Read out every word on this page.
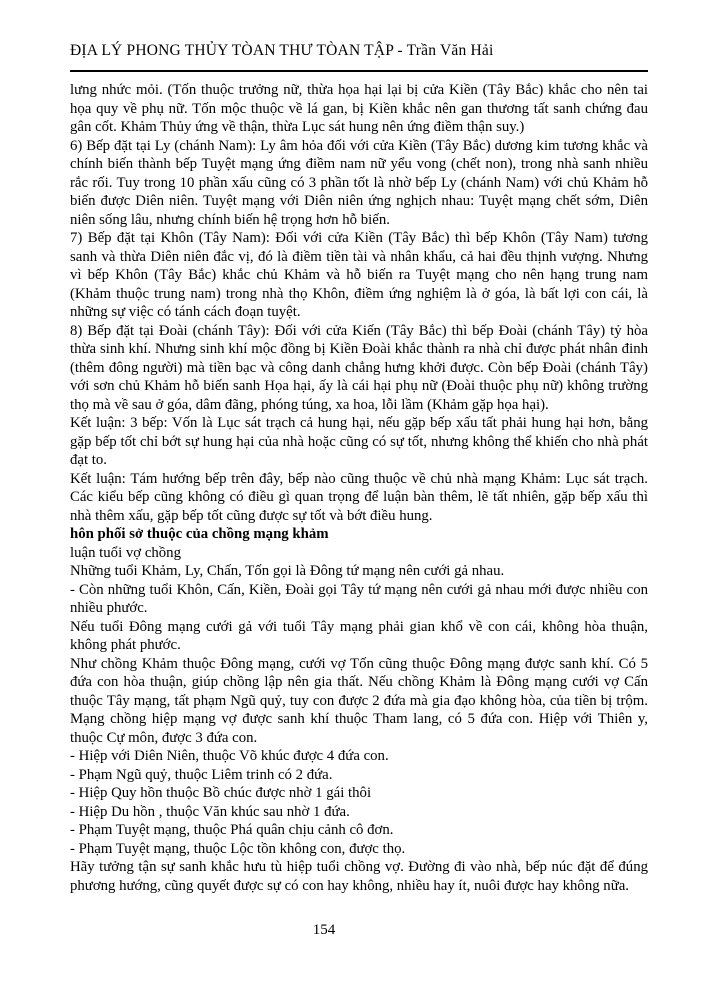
ĐỊA LÝ PHONG THỦY TÒAN THƯ TÒAN TẬP - Trần Văn Hải

lưng nhức mỏi. (Tốn thuộc trưởng nữ, thừa họa hại lại bị cửa Kiền (Tây Bắc) khắc cho nên tai họa quy về phụ nữ. Tốn mộc thuộc về lá gan, bị Kiền khắc nên gan thương tất sanh chứng đau gân cốt. Khảm Thủy ứng về thận, thừa Lục sát hung nên ứng điềm thận suy.)

6) Bếp đặt tại Ly (chánh Nam): Ly âm hỏa đối với cửa Kiền (Tây Bắc) dương kim tương khắc và chính biến thành bếp Tuyệt mạng ứng điềm nam nữ yểu vong (chết non), trong nhà sanh nhiều rắc rối. Tuy trong 10 phần xấu cũng có 3 phần tốt là nhờ bếp Ly (chánh Nam) với chủ Khảm hỗ biến được Diên niên. Tuyệt mạng với Diên niên ứng nghịch nhau: Tuyệt mạng chết sớm, Diên niên sống lâu, nhưng chính biến hệ trọng hơn hỗ biến.

7) Bếp đặt tại Khôn (Tây Nam): Đối với cửa Kiền (Tây Bắc) thì bếp Khôn (Tây Nam) tương sanh và thừa Diên niên đắc vị, đó là điềm tiền tài và nhân khẩu, cả hai đều thịnh vượng. Nhưng vì bếp Khôn (Tây Bắc) khắc chủ Khảm và hỗ biến ra Tuyệt mạng cho nên hạng trung nam (Khảm thuộc trung nam) trong nhà thọ Khôn, điềm ứng nghiệm là ở góa, là bất lợi con cái, là những sự việc có tánh cách đoạn tuyệt.

8) Bếp đặt tại Đoài (chánh Tây): Đối với cửa Kiến (Tây Bắc) thì bếp Đoài (chánh Tây) tỷ hòa thừa sinh khí. Nhưng sinh khí mộc đồng bị Kiền Đoài khắc thành ra nhà chỉ được phát nhân đinh (thêm đông người) mà tiền bạc và công danh chẳng hưng khởi được. Còn bếp Đoài (chánh Tây) với sơn chủ Khảm hỗ biến sanh Họa hại, ấy là cái hại phụ nữ (Đoài thuộc phụ nữ) không trường thọ mà về sau ở góa, dâm đãng, phóng túng, xa hoa, lỗi lầm (Khảm gặp họa hại).

Kết luận: 3 bếp: Vốn là Lục sát trạch cả hung hại, nếu gặp bếp xấu tất phải hung hại hơn, bằng gặp bếp tốt chỉ bớt sự hung hại của nhà hoặc cũng có sự tốt, nhưng không thể khiến cho nhà phát đạt to.

Kết luận: Tám hướng bếp trên đây, bếp nào cũng thuộc về chủ nhà mạng Khảm: Lục sát trạch. Các kiểu bếp cũng không có điều gì quan trọng để luận bàn thêm, lẽ tất nhiên, gặp bếp xấu thì nhà thêm xấu, gặp bếp tốt cũng được sự tốt và bớt điều hung.

hôn phối sở thuộc của chồng mạng khảm

luận tuổi vợ chồng

Những tuổi Khảm, Ly, Chấn, Tốn gọi là Đông tứ mạng nên cưới gả nhau.

- Còn những tuổi Khôn, Cấn, Kiền, Đoài gọi Tây tứ mạng nên cưới gả nhau mới được nhiều con nhiều phước.

Nếu tuổi Đông mạng cưới gả với tuổi Tây mạng phải gian khổ về con cái, không hòa thuận, không phát phước.

Như chồng Khảm thuộc Đông mạng, cưới vợ Tốn cũng thuộc Đông mạng được sanh khí. Có 5 đứa con hòa thuận, giúp chồng lập nên gia thất. Nếu chồng Khảm là Đông mạng cưới vợ Cấn thuộc Tây mạng, tất phạm Ngũ quỷ, tuy con được 2 đứa mà gia đạo không hòa, của tiền bị trộm. Mạng chồng hiệp mạng vợ được sanh khí thuộc Tham lang, có 5 đứa con. Hiệp với Thiên y, thuộc Cự môn, được 3 đứa con.

- Hiệp với Diên Niên, thuộc Võ khúc được 4 đứa con.

- Phạm Ngũ quỷ, thuộc Liêm trinh có 2 đứa.

- Hiệp Quy hồn thuộc Bồ chúc được nhờ 1 gái thôi

- Hiệp Du hồn , thuộc Văn khúc sau nhờ 1 đứa.

- Phạm Tuyệt mạng, thuộc Phá quân chịu cảnh cô đơn.

- Phạm Tuyệt mạng, thuộc Lộc tồn không con, được thọ.

Hãy tưởng tận sự sanh khắc hưu tù hiệp tuổi chồng vợ. Đường đi vào nhà, bếp núc đặt để đúng phương hướng, cũng quyết được sự có con hay không, nhiều hay ít, nuôi được hay không nữa.

154
